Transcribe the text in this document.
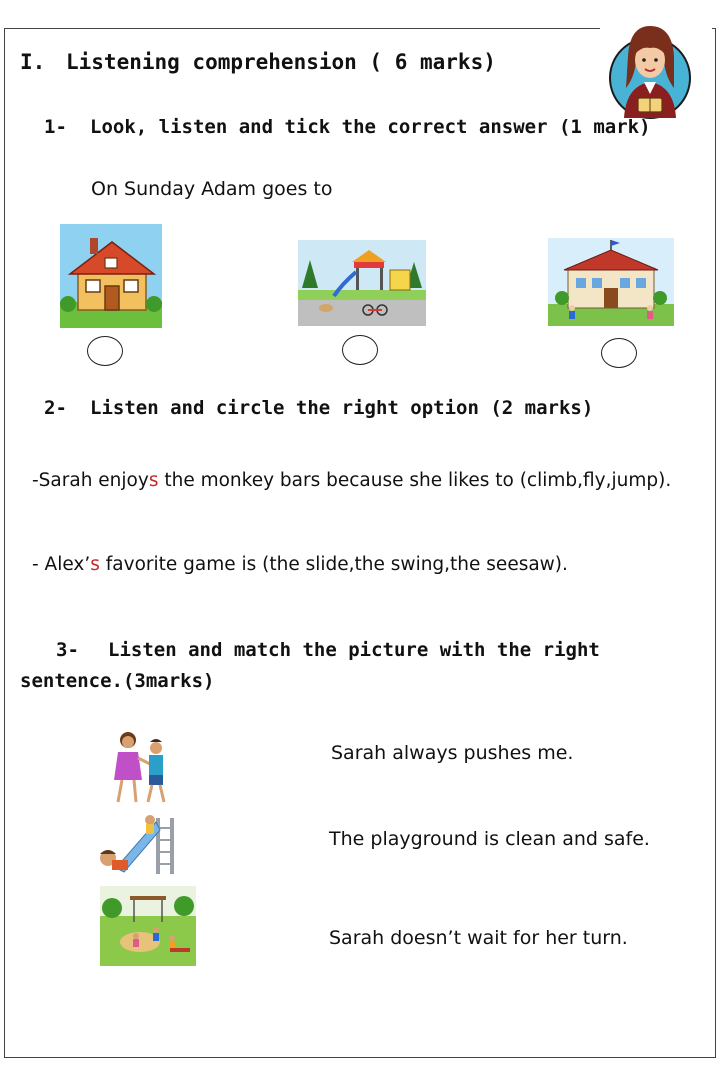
I. Listening comprehension ( 6 marks)
1- Look, listen and tick the correct answer (1 mark)
On Sunday Adam goes to
2- Listen and circle the right option (2 marks)
-Sarah enjoys the monkey bars because she likes to (climb,fly,jump).
- Alex’s favorite game is (the slide,the swing,the seesaw).
3- Listen and match the picture with the right
sentence.(3marks)
Sarah always pushes me.
The playground is clean and safe.
Sarah doesn’t wait for her turn.
